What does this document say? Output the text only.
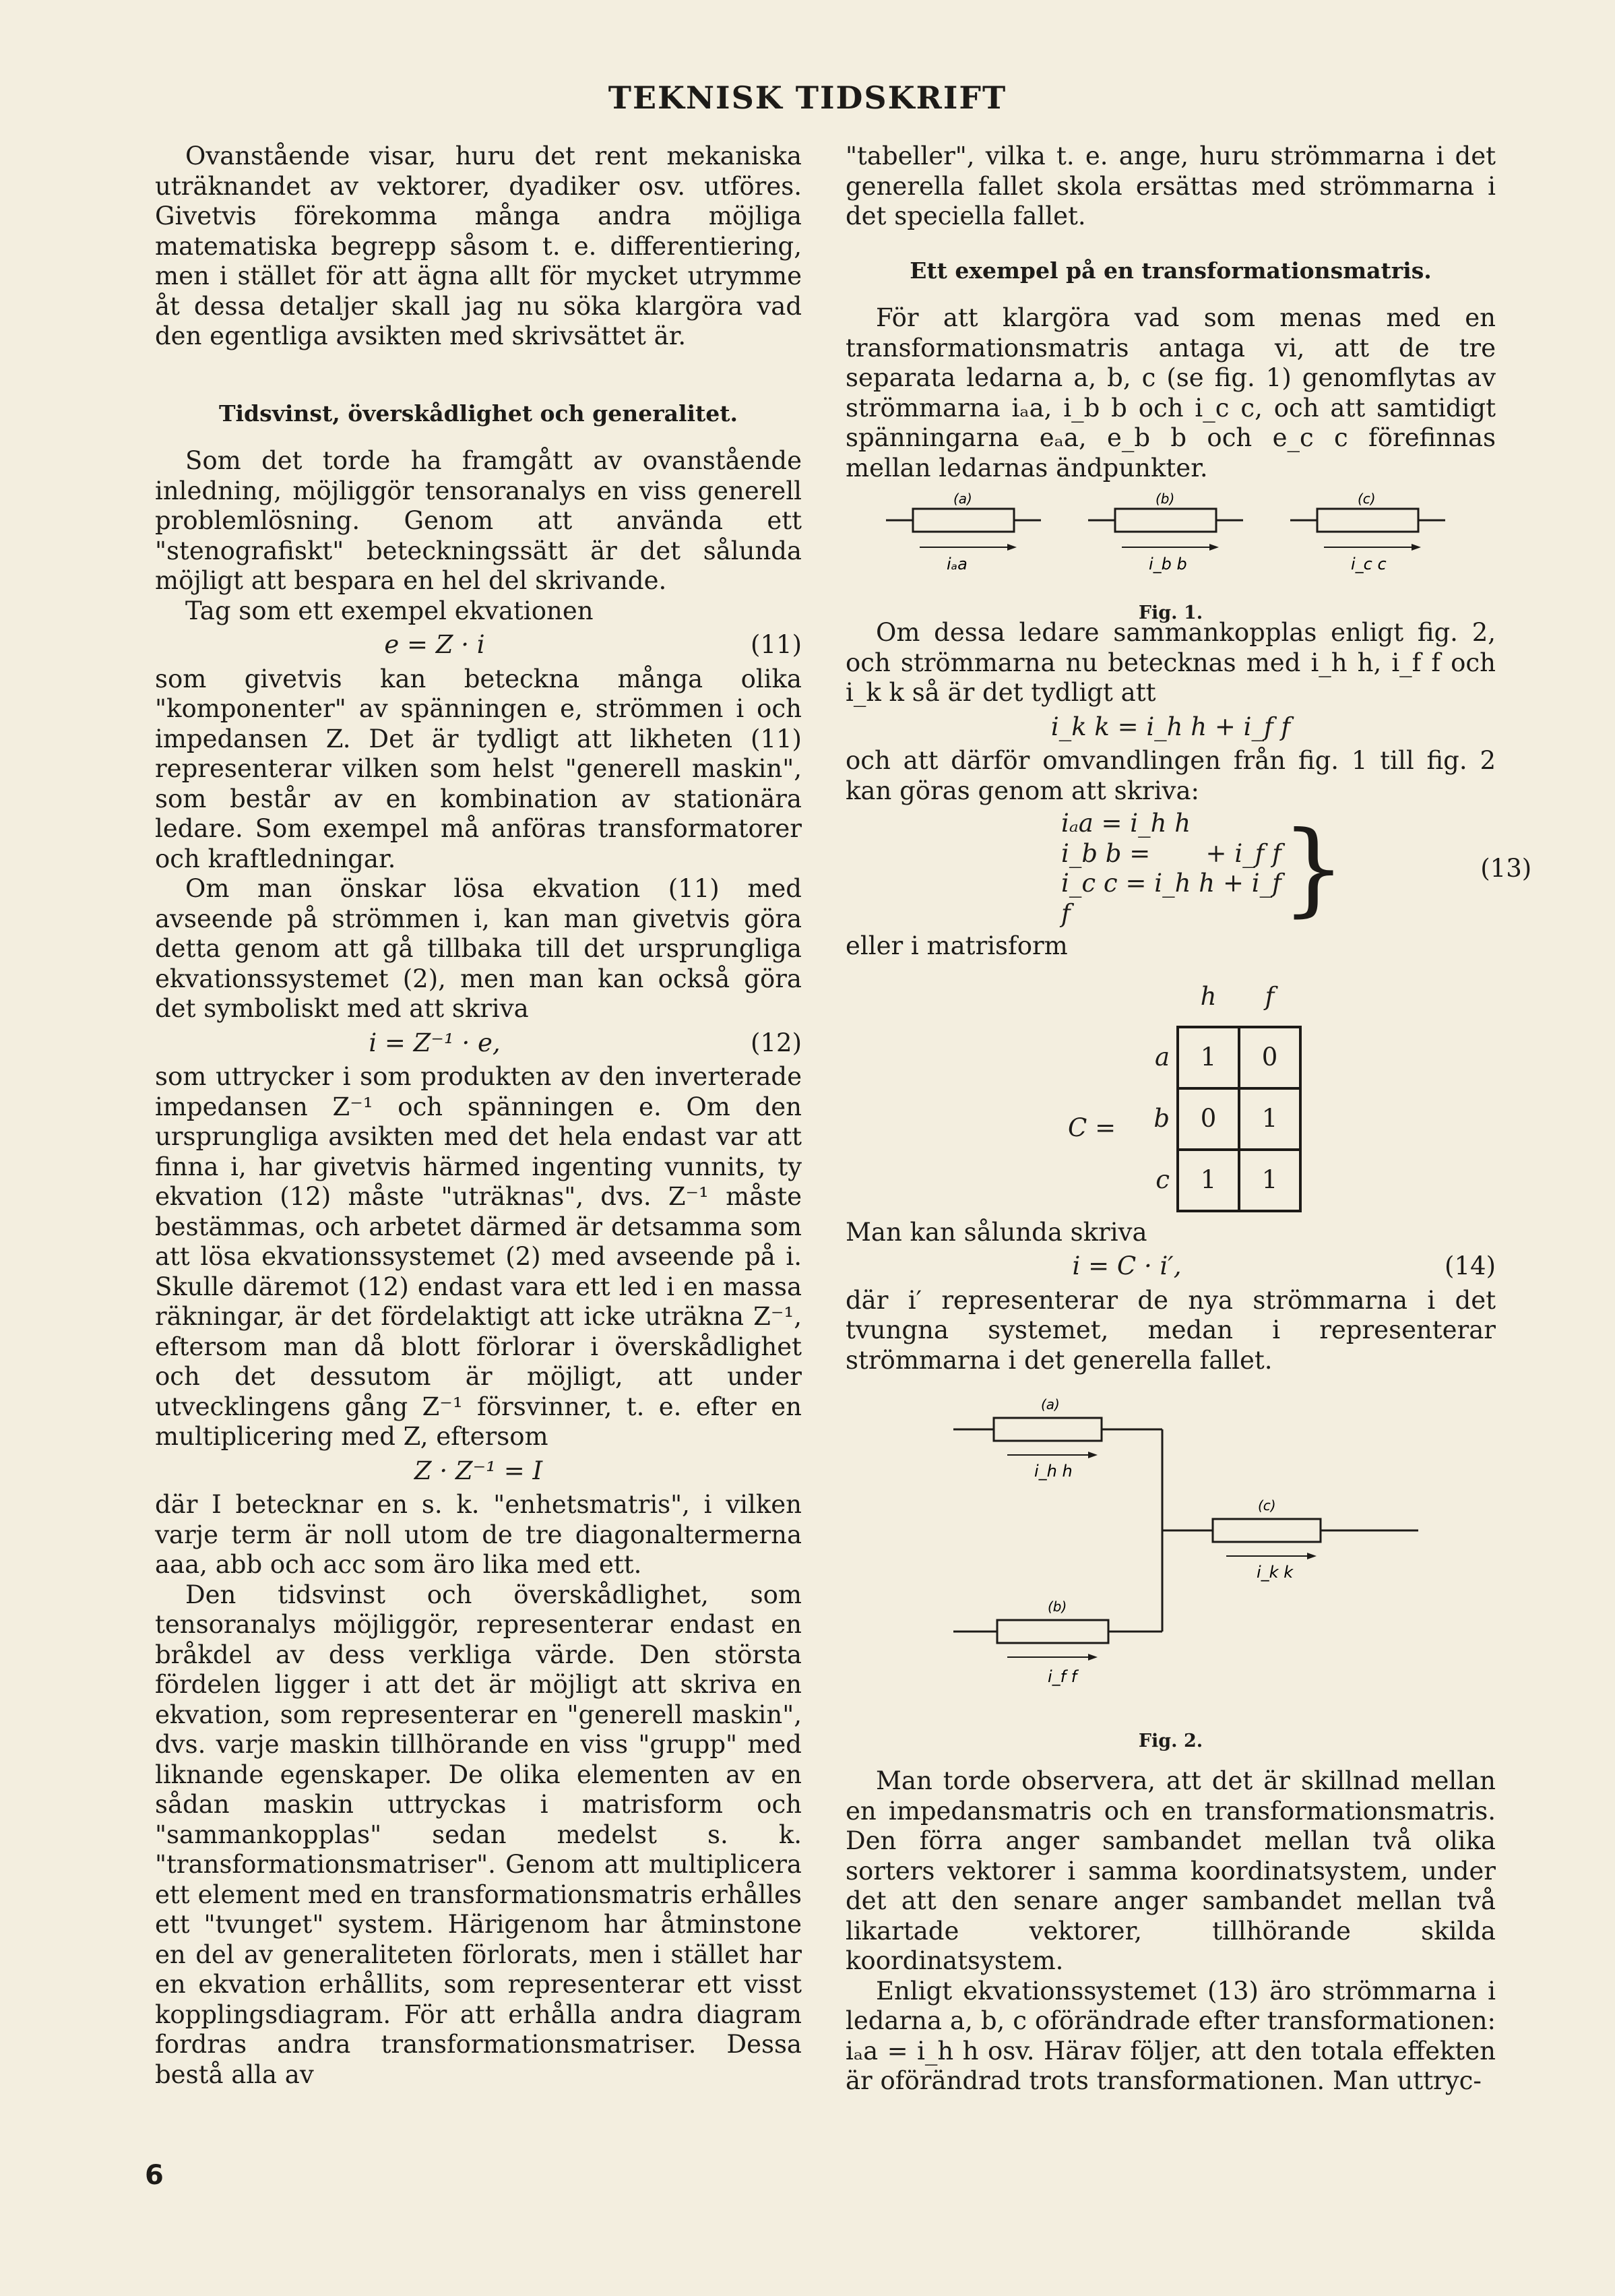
TEKNISK TIDSKRIFT

Ovanstående visar, huru det rent mekaniska uträknandet av vektorer, dyadiker osv. utföres. Givetvis förekomma många andra möjliga matematiska begrepp såsom t. e. differentiering, men i stället för att ägna allt för mycket utrymme åt dessa detaljer skall jag nu söka klargöra vad den egentliga avsikten med skrivsättet är.

Tidsvinst, överskådlighet och generalitet.

Som det torde ha framgått av ovanstående inledning, möjliggör tensoranalys en viss generell problemlösning. Genom att använda ett "stenografiskt" beteckningssätt är det sålunda möjligt att bespara en hel del skrivande.

Tag som ett exempel ekvationen

e = Z · i	(11)

som givetvis kan beteckna många olika "komponenter" av spänningen e, strömmen i och impedansen Z. Det är tydligt att likheten (11) representerar vilken som helst "generell maskin", som består av en kombination av stationära ledare. Som exempel må anföras transformatorer och kraftledningar.

Om man önskar lösa ekvation (11) med avseende på strömmen i, kan man givetvis göra detta genom att gå tillbaka till det ursprungliga ekvationssystemet (2), men man kan också göra det symboliskt med att skriva

i = Z⁻¹ · e,	(12)

som uttrycker i som produkten av den inverterade impedansen Z⁻¹ och spänningen e. Om den ursprungliga avsikten med det hela endast var att finna i, har givetvis härmed ingenting vunnits, ty ekvation (12) måste "uträknas", dvs. Z⁻¹ måste bestämmas, och arbetet därmed är detsamma som att lösa ekvationssystemet (2) med avseende på i. Skulle däremot (12) endast vara ett led i en massa räkningar, är det fördelaktigt att icke uträkna Z⁻¹, eftersom man då blott förlorar i överskådlighet och det dessutom är möjligt, att under utvecklingens gång Z⁻¹ försvinner, t. e. efter en multiplicering med Z, eftersom

Z · Z⁻¹ = I

där I betecknar en s. k. "enhetsmatris", i vilken varje term är noll utom de tre diagonaltermerna aaa, abb och acc som äro lika med ett.

Den tidsvinst och överskådlighet, som tensoranalys möjliggör, representerar endast en bråkdel av dess verkliga värde. Den största fördelen ligger i att det är möjligt att skriva en ekvation, som representerar en "generell maskin", dvs. varje maskin tillhörande en viss "grupp" med liknande egenskaper. De olika elementen av en sådan maskin uttryckas i matrisform och "sammankopplas" sedan medelst s. k. "transformationsmatriser". Genom att multiplicera ett element med en transformationsmatris erhålles ett "tvunget" system. Härigenom har åtminstone en del av generaliteten förlorats, men i stället har en ekvation erhållits, som representerar ett visst kopplingsdiagram. För att erhålla andra diagram fordras andra transformationsmatriser. Dessa bestå alla av

"tabeller", vilka t. e. ange, huru strömmarna i det generella fallet skola ersättas med strömmarna i det speciella fallet.

Ett exempel på en transformationsmatris.

För att klargöra vad som menas med en transformationsmatris antaga vi, att de tre separata ledarna a, b, c (se fig. 1) genomflytas av strömmarna iₐa, i_b b och i_c c, och att samtidigt spänningarna eₐa, e_b b och e_c c förefinnas mellan ledarnas ändpunkter.

(a)
iₐa
(b)
i_b b
(c)
i_c c
Fig. 1.

Om dessa ledare sammankopplas enligt fig. 2, och strömmarna nu betecknas med i_h h, i_f f och i_k k så är det tydligt att

i_k k = i_h h + i_f f

och att därför omvandlingen från fig. 1 till fig. 2 kan göras genom att skriva:

iₐa = i_h h
i_b b =       + i_f f
i_c c = i_h h + i_f f	}	(13)

eller i matrisform

C =
	h	f
a	1	0
b	0	1
c	1	1

Man kan sålunda skriva

i = C · i′,	(14)

där i′ representerar de nya strömmarna i det tvungna systemet, medan i representerar strömmarna i det generella fallet.

(a)
i_h h
(c)
i_k k
(b)
i_f f
Fig. 2.

Man torde observera, att det är skillnad mellan en impedansmatris och en transformationsmatris. Den förra anger sambandet mellan två olika sorters vektorer i samma koordinatsystem, under det att den senare anger sambandet mellan två likartade vektorer, tillhörande skilda koordinatsystem.

Enligt ekvationssystemet (13) äro strömmarna i ledarna a, b, c oförändrade efter transformationen: iₐa = i_h h osv. Härav följer, att den totala effekten är oförändrad trots transformationen. Man uttryc-

6
